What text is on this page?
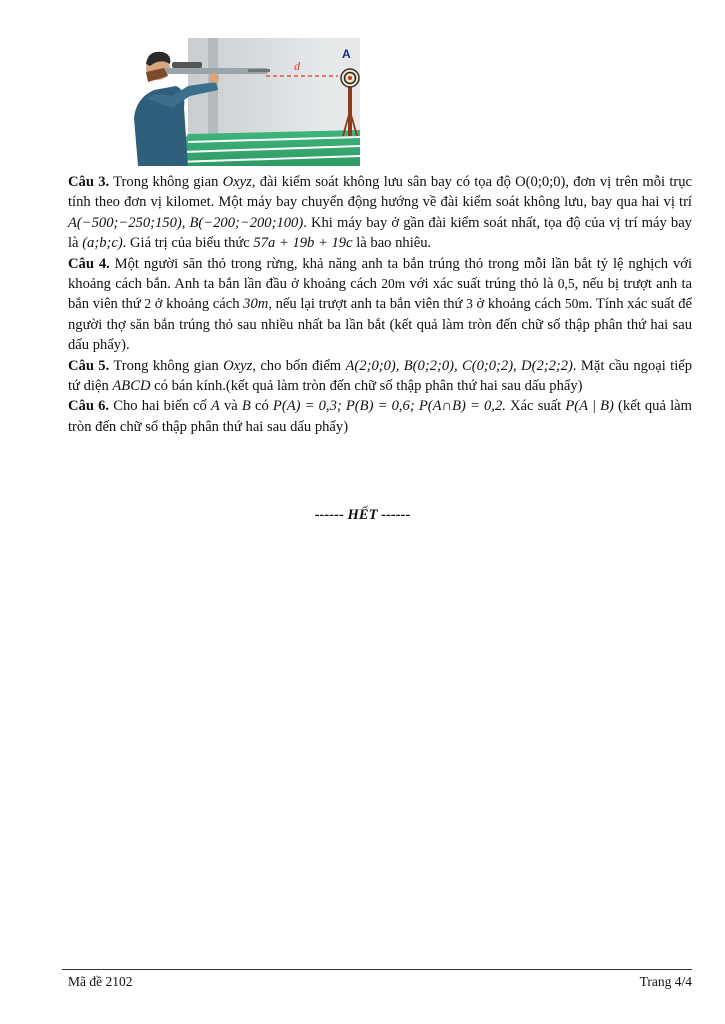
A
d

Câu 3. Trong không gian Oxyz, đài kiểm soát không lưu sân bay có tọa độ O(0;0;0), đơn vị trên mỗi trục tính theo đơn vị kilomet. Một máy bay chuyển động hướng về đài kiểm soát không lưu, bay qua hai vị trí A(−500;−250;150), B(−200;−200;100). Khi máy bay ở gần đài kiểm soát nhất, tọa độ của vị trí máy bay là (a;b;c). Giá trị của biểu thức 57a + 19b + 19c là bao nhiêu.

Câu 4. Một người săn thỏ trong rừng, khả năng anh ta bắn trúng thỏ trong mỗi lần bắt tỷ lệ nghịch với khoảng cách bắn. Anh ta bắn lần đầu ở khoảng cách 20m với xác suất trúng thỏ là 0,5, nếu bị trượt anh ta bắn viên thứ 2 ở khoảng cách 30m, nếu lại trượt anh ta bắn viên thứ 3 ở khoảng cách 50m. Tính xác suất để người thợ săn bắn trúng thỏ sau nhiều nhất ba lần bắt (kết quả làm tròn đến chữ số thập phân thứ hai sau dấu phẩy).

Câu 5. Trong không gian Oxyz, cho bốn điểm A(2;0;0), B(0;2;0), C(0;0;2), D(2;2;2). Mặt cầu ngoại tiếp tứ diện ABCD có bán kính.(kết quả làm tròn đến chữ số thập phân thứ hai sau dấu phẩy)

Câu 6. Cho hai biến cố A và B có P(A) = 0,3; P(B) = 0,6; P(A∩B) = 0,2. Xác suất P(A | B) (kết quả làm tròn đến chữ số thập phân thứ hai sau dấu phẩy)

------ HẾT ------
Mã đề 2102	Trang 4/4
